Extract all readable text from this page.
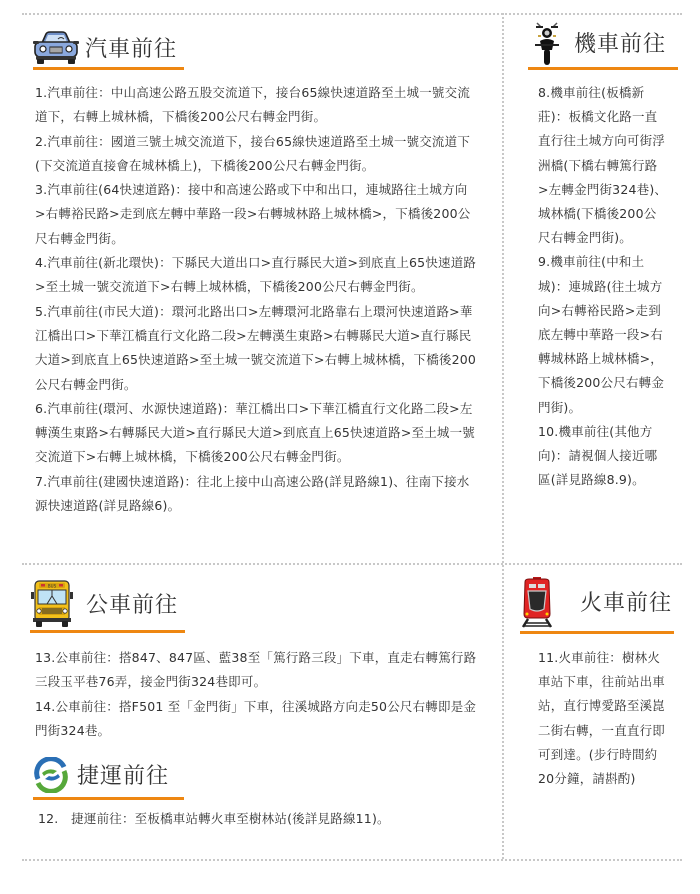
汽車前往

1.汽車前往：中山高速公路五股交流道下，接台65線快速道路至土城一號交流道下，右轉上城林橋，下橋後200公尺右轉金門街。

2.汽車前往：國道三號土城交流道下，接台65線快速道路至土城一號交流道下(下交流道直接會在城林橋上)，下橋後200公尺右轉金門街。

3.汽車前往(64快速道路)：接中和高速公路或下中和出口，連城路往土城方向>右轉裕民路>走到底左轉中華路一段>右轉城林路上城林橋>，下橋後200公尺右轉金門街。

4.汽車前往(新北環快)：下縣民大道出口>直行縣民大道>到底直上65快速道路>至土城一號交流道下>右轉上城林橋，下橋後200公尺右轉金門街。

5.汽車前往(市民大道)：環河北路出口>左轉環河北路靠右上環河快速道路>華江橋出口>下華江橋直行文化路二段>左轉漢生東路>右轉縣民大道>直行縣民大道>到底直上65快速道路>至土城一號交流道下>右轉上城林橋，下橋後200公尺右轉金門街。

6.汽車前往(環河、水源快速道路)：華江橋出口>下華江橋直行文化路二段>左轉漢生東路>右轉縣民大道>直行縣民大道>到底直上65快速道路>至土城一號交流道下>右轉上城林橋，下橋後200公尺右轉金門街。

7.汽車前往(建國快速道路)：往北上接中山高速公路(詳見路線1)、往南下接水源快速道路(詳見路線6)。

機車前往

8.機車前往(板橋新莊)：板橋文化路一直直行往土城方向可街浮洲橋(下橋右轉篤行路>左轉金門街324巷)、城林橋(下橋後200公尺右轉金門街)。

9.機車前往(中和土城)：連城路(往土城方向>右轉裕民路>走到底左轉中華路一段>右轉城林路上城林橋>，下橋後200公尺右轉金門街)。

10.機車前往(其他方向)：請視個人接近哪區(詳見路線8.9)。

BUS
公車前往

13.公車前往：搭847、847區、藍38至「篤行路三段」下車，直走右轉篤行路三段玉平巷76弄，接金門街324巷即可。

14.公車前往：搭F501 至「金門街」下車，往溪城路方向走50公尺右轉即是金門街324巷。

捷運前往

12.　捷運前往：至板橋車站轉火車至樹林站(後詳見路線11)。

火車前往

11.火車前往：樹林火車站下車，往前站出車站，直行博愛路至溪崑二街右轉，一直直行即可到達。(步行時間約20分鐘，請斟酌)
